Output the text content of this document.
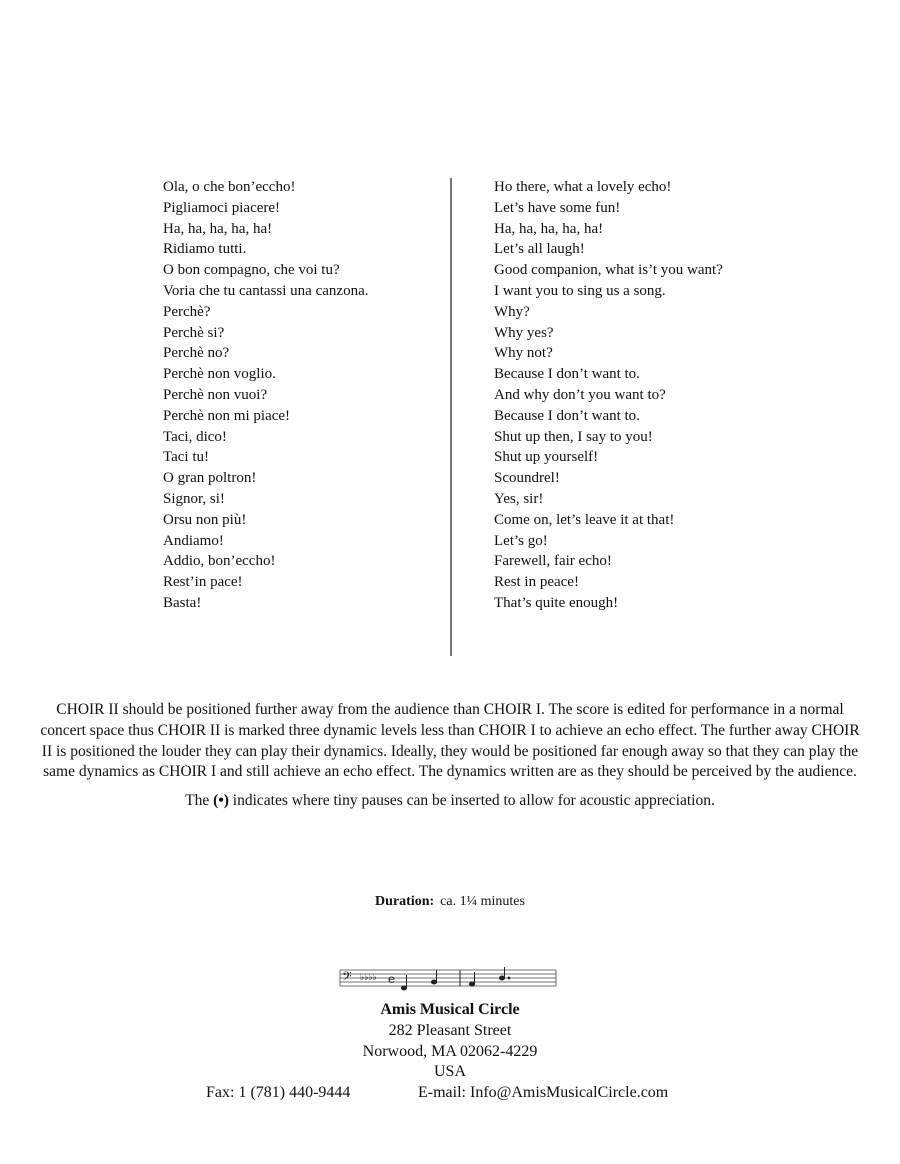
Ola, o che bon’eccho!
Pigliamoci piacere!
Ha, ha, ha, ha, ha!
Ridiamo tutti.
O bon compagno, che voi tu?
Voria che tu cantassi una canzona.
Perchè?
Perchè si?
Perchè no?
Perchè non voglio.
Perchè non vuoi?
Perchè non mi piace!
Taci, dico!
Taci tu!
O gran poltron!
Signor, si!
Orsu non più!
Andiamo!
Addio, bon’eccho!
Rest’in pace!
Basta!
Ho there, what a lovely echo!
Let’s have some fun!
Ha, ha, ha, ha, ha!
Let’s all laugh!
Good companion, what is’t you want?
I want you to sing us a song.
Why?
Why yes?
Why not?
Because I don’t want to.
And why don’t you want to?
Because I don’t want to.
Shut up then, I say to you!
Shut up yourself!
Scoundrel!
Yes, sir!
Come on, let’s leave it at that!
Let’s go!
Farewell, fair echo!
Rest in peace!
That’s quite enough!

CHOIR II should be positioned further away from the audience than CHOIR I. The score is edited for performance in a normal concert space thus CHOIR II is marked three dynamic levels less than CHOIR I to achieve an echo effect. The further away CHOIR II is positioned the louder they can play their dynamics. Ideally, they would be positioned far enough away so that they can play the same dynamics as CHOIR I and still achieve an echo effect. The dynamics written are as they should be perceived by the audience.

The (•) indicates where tiny pauses can be inserted to allow for acoustic appreciation.

Duration: ca. 1¼ minutes
𝄢 ♭♭♭♭ e
Amis Musical Circle
282 Pleasant Street
Norwood, MA 02062-4229
USA
Fax: 1 (781) 440-9444	E-mail: Info@AmisMusicalCircle.com
